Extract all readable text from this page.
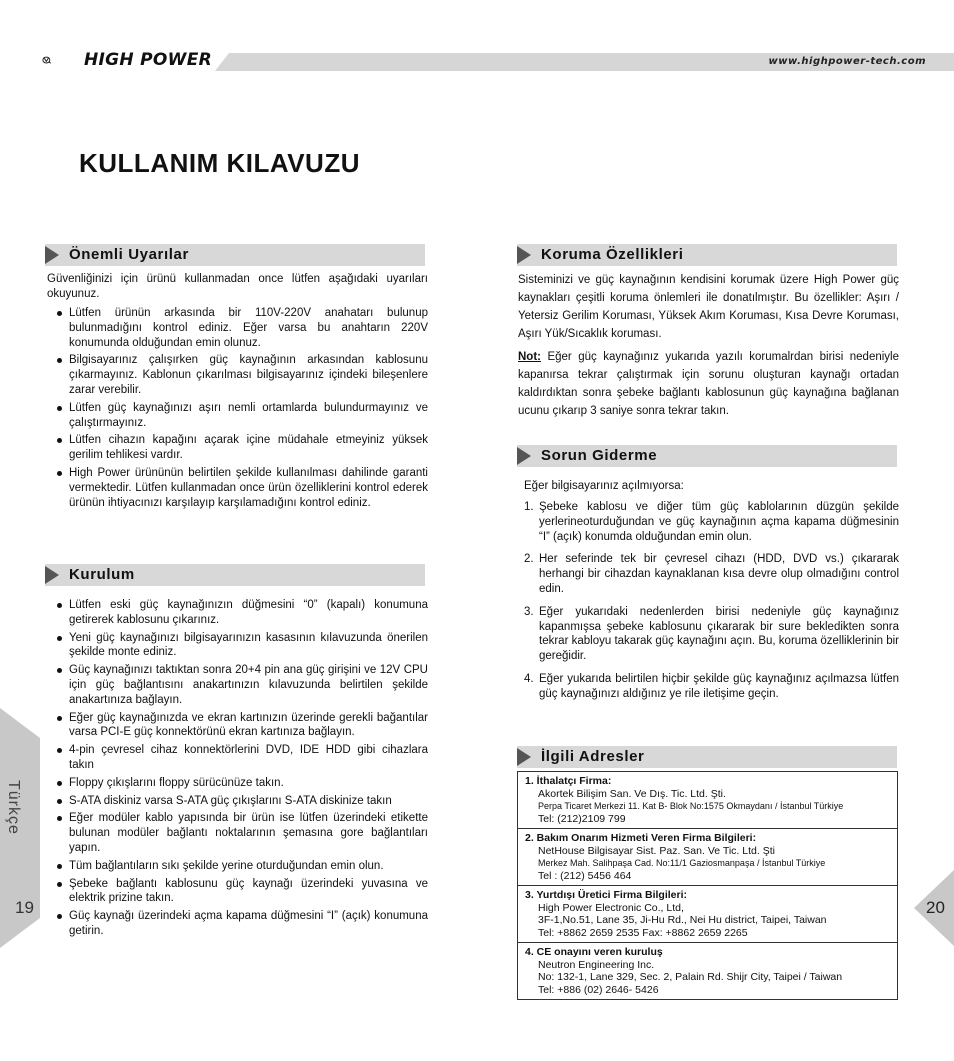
www.highpower-tech.com
HIGH POWER
KULLANIM KILAVUZU
Önemli Uyarılar
Güvenliğinizi için ürünü kullanmadan once lütfen aşağıdaki uyarıları okuyunuz.
Lütfen ürünün arkasında bir 110V-220V anahatarı bulunup bulunmadığını kontrol ediniz. Eğer varsa bu anahtarın 220V konumunda olduğundan emin olunuz.
Bilgisayarınız çalışırken güç kaynağının arkasından kablosunu çıkarmayınız. Kablonun çıkarılması bilgisayarınız içindeki bileşenlere zarar verebilir.
Lütfen güç kaynağınızı aşırı nemli ortamlarda bulundurmayınız ve çalıştırmayınız.
Lütfen cihazın kapağını açarak içine müdahale etmeyiniz yüksek gerilim tehlikesi vardır.
High Power ürününün belirtilen şekilde kullanılması dahilinde garanti vermektedir. Lütfen kullanmadan once ürün özelliklerini kontrol ederek ürünün ihtiyacınızı karşılayıp karşılamadığını kontrol ediniz.
Kurulum
Lütfen eski güç kaynağınızın düğmesini “0” (kapalı) konumuna getirerek kablosunu çıkarınız.
Yeni güç kaynağınızı bilgisayarınızın kasasının kılavuzunda önerilen şekilde monte ediniz.
Güç kaynağınızı taktıktan sonra 20+4 pin ana güç girişini ve 12V CPU için güç bağlantısını anakartınızın kılavuzunda belirtilen şekilde anakartınıza bağlayın.
Eğer güç kaynağınızda ve ekran kartınızın üzerinde gerekli bağantılar varsa PCI-E güç konnektörünü ekran kartınıza bağlayın.
4-pin çevresel cihaz konnektörlerini DVD, IDE HDD gibi cihazlara takın
Floppy çıkışlarını floppy sürücünüze takın.
S-ATA diskiniz varsa S-ATA güç çıkışlarını S-ATA diskinize takın
Eğer modüler kablo yapısında bir ürün ise lütfen üzerindeki etikette bulunan modüler bağlantı noktalarının şemasına gore bağlantıları yapın.
Tüm bağlantıların sıkı şekilde yerine oturduğundan emin olun.
Şebeke bağlantı kablosunu güç kaynağı üzerindeki yuvasına ve elektrik prizine takın.
Güç kaynağı üzerindeki açma kapama düğmesini “I” (açık) konumuna getirin.
Koruma Özellikleri
Sisteminizi ve güç kaynağının kendisini korumak üzere High Power güç kaynakları çeşitli koruma önlemleri ile donatılmıştır. Bu özellikler: Aşırı / Yetersiz Gerilim Koruması, Yüksek Akım Koruması, Kısa Devre Koruması, Aşırı Yük/Sıcaklık koruması.
Not: Eğer güç kaynağınız yukarıda yazılı korumalrdan birisi nedeniyle kapanırsa tekrar çalıştırmak için sorunu oluşturan kaynağı ortadan kaldırdıktan sonra şebeke bağlantı kablosunun güç kaynağına bağlanan ucunu çıkarıp 3 saniye sonra tekrar takın.
Sorun Giderme
Eğer bilgisayarınız açılmıyorsa:
1. Şebeke kablosu ve diğer tüm güç kablolarının düzgün şekilde yerlerineoturduğundan ve güç kaynağının açma kapama düğmesinin “I” (açık) konumda olduğundan emin olun.
2. Her seferinde tek bir çevresel cihazı (HDD, DVD vs.) çıkararak herhangi bir cihazdan kaynaklanan kısa devre olup olmadığını control edin.
3. Eğer yukarıdaki nedenlerden birisi nedeniyle güç kaynağınız kapanmışsa şebeke kablosunu çıkararak bir sure bekledikten sonra tekrar kabloyu takarak güç kaynağını açın. Bu, koruma özelliklerinin bir gereğidir.
4. Eğer yukarıda belirtilen hiçbir şekilde güç kaynağınız açılmazsa lütfen güç kaynağınızı aldığınız ye rile iletişime geçin.
İlgili Adresler
1. İthalatçı Firma:
Akortek Bilişim San. Ve Dış. Tic. Ltd. Şti.
Perpa Ticaret Merkezi 11. Kat B- Blok No:1575 Okmaydanı / İstanbul Türkiye
Tel: (212)2109 799
2. Bakım Onarım Hizmeti Veren Firma Bilgileri:
NetHouse Bilgisayar Sist. Paz. San. Ve Tic. Ltd. Şti
Merkez Mah. Salihpaşa Cad. No:11/1 Gaziosmanpaşa / İstanbul Türkiye
Tel : (212) 5456 464
3. Yurtdışı Üretici Firma Bilgileri:
High Power Electronic Co., Ltd,
3F-1,No.51, Lane 35, Ji-Hu Rd., Nei Hu district, Taipei, Taiwan
Tel: +8862 2659 2535 Fax: +8862 2659 2265
4. CE onayını veren kuruluş
Neutron Engineering Inc.
No: 132-1, Lane 329, Sec. 2, Palain Rd. Shijr City, Taipei / Taiwan
Tel: +886 (02) 2646- 5426
Türkçe
19	20
